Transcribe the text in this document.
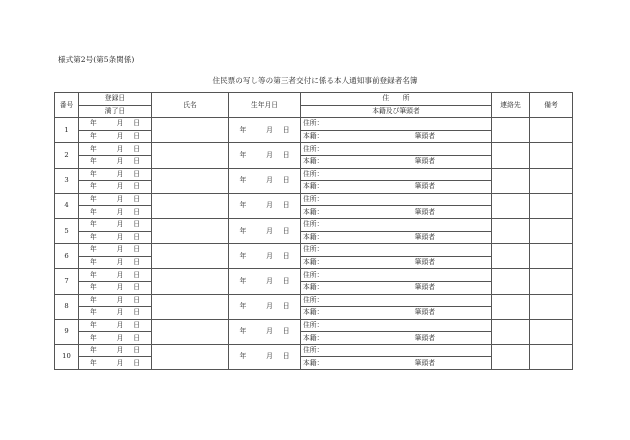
様式第2号(第5条関係)
住民票の写し等の第三者交付に係る本人通知事前登録者名簿
番号	登録日	氏名	生年月日	住　　所	連絡先	備考
	満了日			本籍及び筆頭者		
1	年 月 日		年 月 日	住所：		
	年 月 日			本籍： 筆頭者		

2	年 月 日		年 月 日	住所：		
	年 月 日			本籍： 筆頭者		

3	年 月 日		年 月 日	住所：		
	年 月 日			本籍： 筆頭者		

4	年 月 日		年 月 日	住所：		
	年 月 日			本籍： 筆頭者		

5	年 月 日		年 月 日	住所：		
	年 月 日			本籍： 筆頭者		

6	年 月 日		年 月 日	住所：		
	年 月 日			本籍： 筆頭者		

7	年 月 日		年 月 日	住所：		
	年 月 日			本籍： 筆頭者		

8	年 月 日		年 月 日	住所：		
	年 月 日			本籍： 筆頭者		

9	年 月 日		年 月 日	住所：		
	年 月 日			本籍： 筆頭者		

10	年 月 日		年 月 日	住所：		
	年 月 日			本籍： 筆頭者		
